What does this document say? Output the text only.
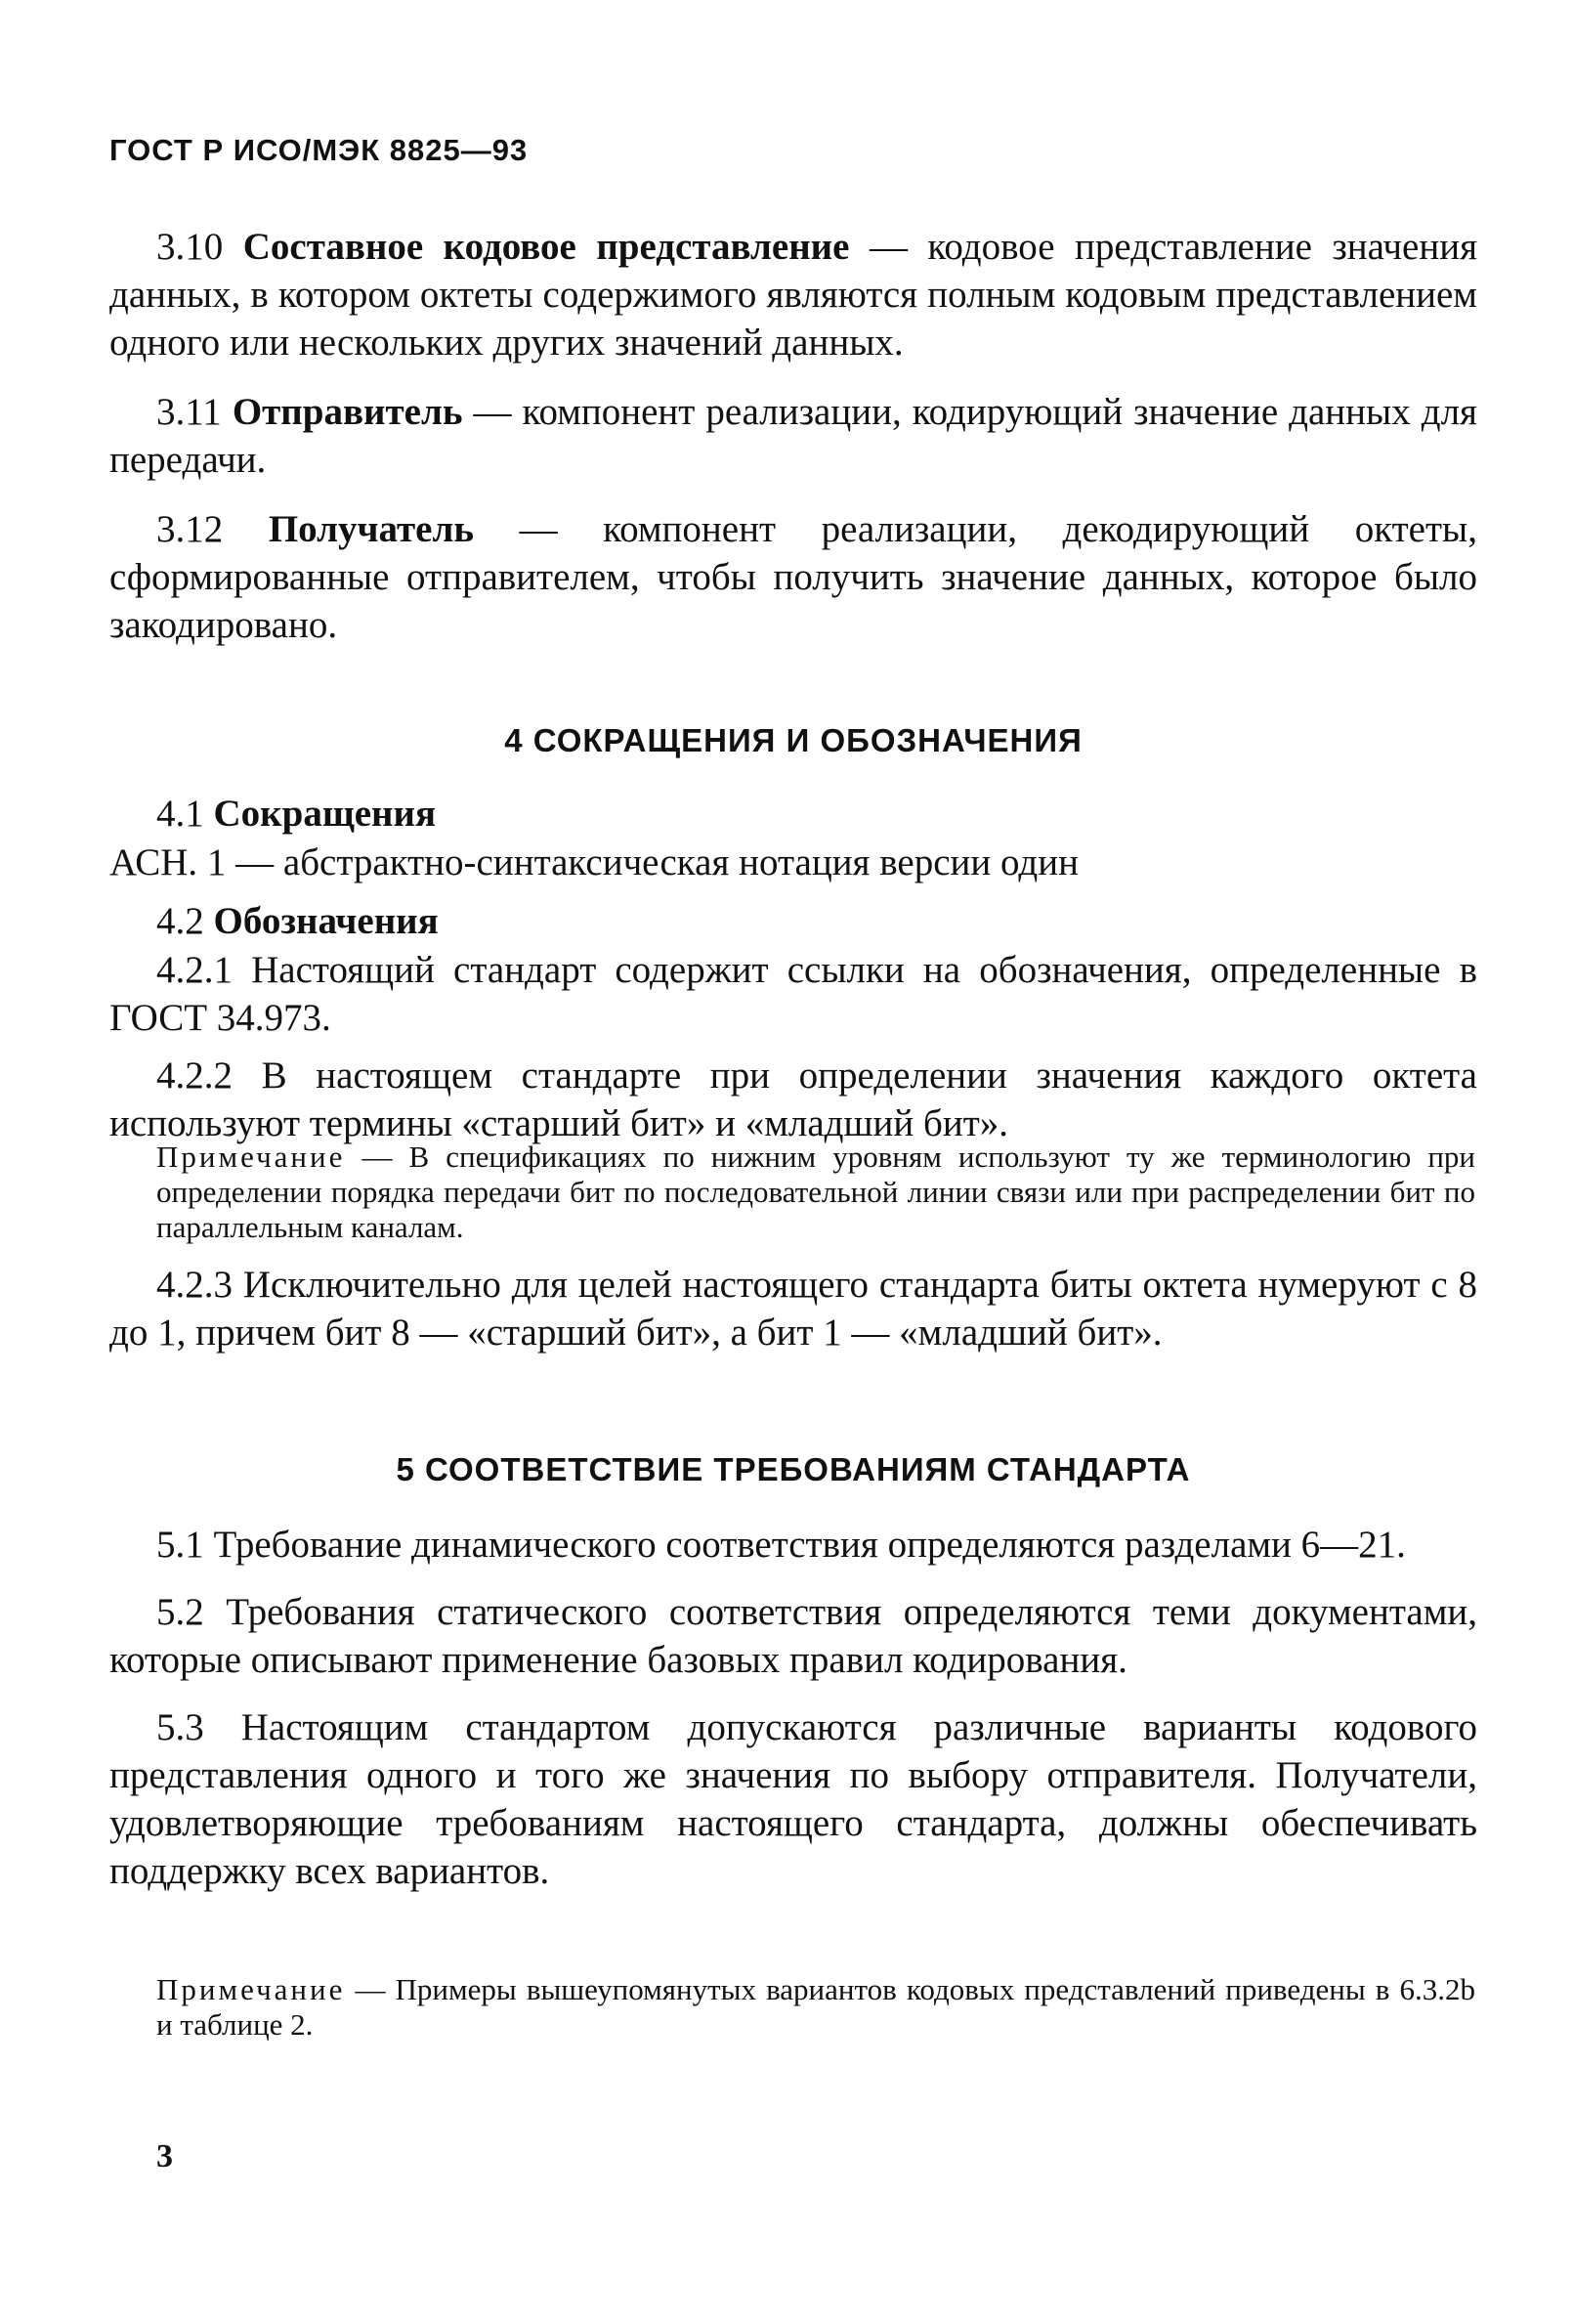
ГОСТ Р ИСО/МЭК 8825—93

3.10 Составное кодовое представление — кодовое представление значения данных, в котором октеты содержимого являются полным кодовым представлением одного или нескольких других значений данных.

3.11 Отправитель — компонент реализации, кодирующий значение данных для передачи.

3.12 Получатель — компонент реализации, декодирующий октеты, сформированные отправителем, чтобы получить значение данных, которое было закодировано.

4 СОКРАЩЕНИЯ И ОБОЗНАЧЕНИЯ
4.1 Сокращения
АСН. 1 — абстрактно-синтаксическая нотация версии один
4.2 Обозначения

4.2.1 Настоящий стандарт содержит ссылки на обозначения, определенные в ГОСТ 34.973.

4.2.2 В настоящем стандарте при определении значения каждого октета используют термины «старший бит» и «младший бит».

Примечание — В спецификациях по нижним уровням используют ту же терминологию при определении порядка передачи бит по последовательной линии связи или при распределении бит по параллельным каналам.

4.2.3 Исключительно для целей настоящего стандарта биты октета нумеруют с 8 до 1, причем бит 8 — «старший бит», а бит 1 — «младший бит».

5 СООТВЕТСТВИЕ ТРЕБОВАНИЯМ СТАНДАРТА

5.1 Требование динамического соответствия определяются разделами 6—21.

5.2 Требования статического соответствия определяются теми документами, которые описывают применение базовых правил кодирования.

5.3 Настоящим стандартом допускаются различные варианты кодового представления одного и того же значения по выбору отправителя. Получатели, удовлетворяющие требованиям настоящего стандарта, должны обеспечивать поддержку всех вариантов.

Примечание — Примеры вышеупомянутых вариантов кодовых представлений приведены в 6.3.2b и таблице 2.
3
